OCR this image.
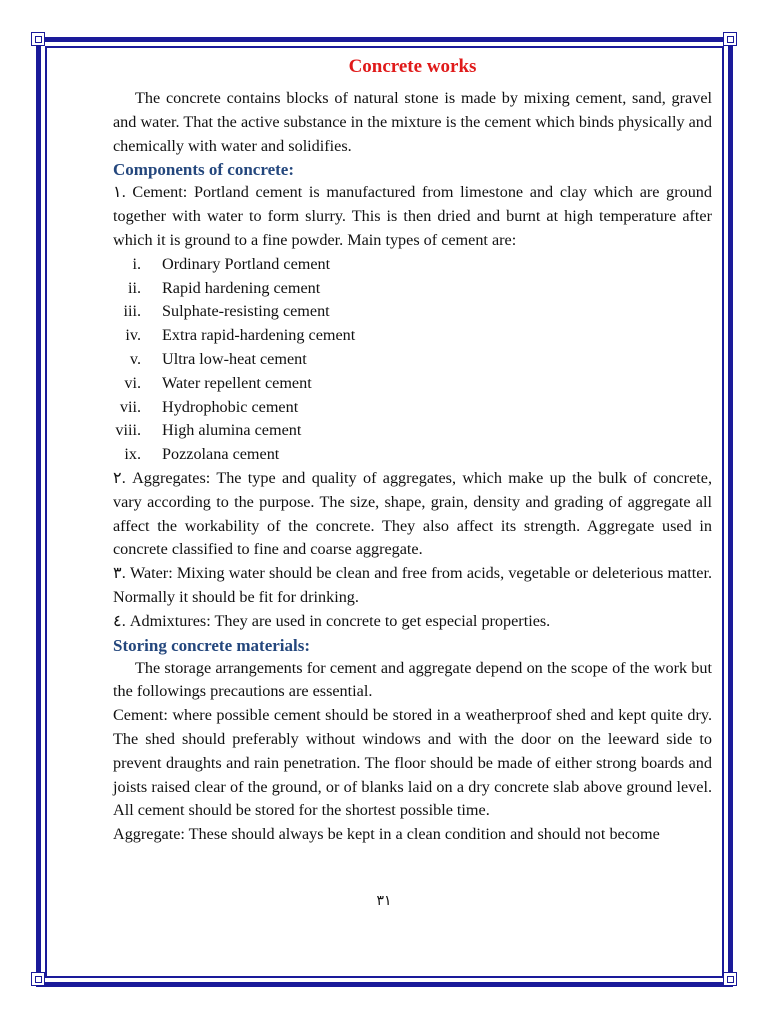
Concrete works

The concrete contains blocks of natural stone is made by mixing cement, sand, gravel and water. That the active substance in the mixture is the cement which binds physically and chemically with water and solidifies.

Components of concrete:

١. Cement: Portland cement is manufactured from limestone and clay which are ground together with water to form slurry. This is then dried and burnt at high temperature after which it is ground to a fine powder. Main types of cement are:

i. Ordinary Portland cement
ii. Rapid hardening cement
iii. Sulphate-resisting cement
iv. Extra rapid-hardening cement
v. Ultra low-heat cement
vi. Water repellent cement
vii. Hydrophobic cement
viii. High alumina cement
ix. Pozzolana cement

٢. Aggregates: The type and quality of aggregates, which make up the bulk of concrete, vary according to the purpose. The size, shape, grain, density and grading of aggregate all affect the workability of the concrete. They also affect its strength. Aggregate used in concrete classified to fine and coarse aggregate.

٣. Water: Mixing water should be clean and free from acids, vegetable or deleterious matter. Normally it should be fit for drinking.

٤. Admixtures: They are used in concrete to get especial properties.

Storing concrete materials:

The storage arrangements for cement and aggregate depend on the scope of the work but the followings precautions are essential.

Cement: where possible cement should be stored in a weatherproof shed and kept quite dry. The shed should preferably without windows and with the door on the leeward side to prevent draughts and rain penetration. The floor should be made of either strong boards and joists raised clear of the ground, or of blanks laid on a dry concrete slab above ground level. All cement should be stored for the shortest possible time.

Aggregate: These should always be kept in a clean condition and should not become

٣١
